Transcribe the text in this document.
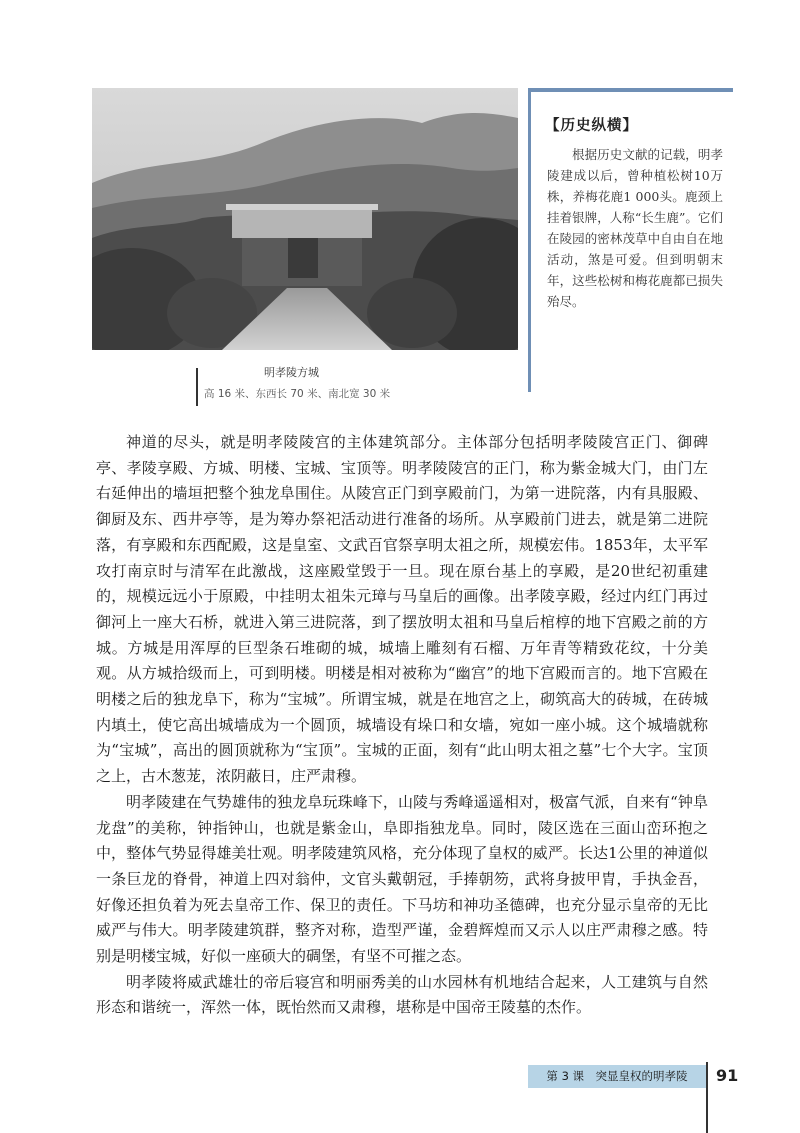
明孝陵方城
高 16 米、东西长 70 米、南北宽 30 米
【历史纵横】

根据历史文献的记载，明孝陵建成以后，曾种植松树10万株，养梅花鹿1 000头。鹿颈上挂着银牌，人称“长生鹿”。它们在陵园的密林茂草中自由自在地活动，煞是可爱。但到明朝末年，这些松树和梅花鹿都已损失殆尽。

神道的尽头，就是明孝陵陵宫的主体建筑部分。主体部分包括明孝陵陵宫正门、御碑亭、孝陵享殿、方城、明楼、宝城、宝顶等。明孝陵陵宫的正门，称为紫金城大门，由门左右延伸出的墙垣把整个独龙阜围住。从陵宫正门到享殿前门，为第一进院落，内有具服殿、御厨及东、西井亭等，是为筹办祭祀活动进行准备的场所。从享殿前门进去，就是第二进院落，有享殿和东西配殿，这是皇室、文武百官祭享明太祖之所，规模宏伟。1853年，太平军攻打南京时与清军在此激战，这座殿堂毁于一旦。现在原台基上的享殿，是20世纪初重建的，规模远远小于原殿，中挂明太祖朱元璋与马皇后的画像。出孝陵享殿，经过内红门再过御河上一座大石桥，就进入第三进院落，到了摆放明太祖和马皇后棺椁的地下宫殿之前的方城。方城是用浑厚的巨型条石堆砌的城，城墙上雕刻有石榴、万年青等精致花纹，十分美观。从方城拾级而上，可到明楼。明楼是相对被称为“幽宫”的地下宫殿而言的。地下宫殿在明楼之后的独龙阜下，称为“宝城”。所谓宝城，就是在地宫之上，砌筑高大的砖城，在砖城内填土，使它高出城墙成为一个圆顶，城墙设有垛口和女墙，宛如一座小城。这个城墙就称为“宝城”，高出的圆顶就称为“宝顶”。宝城的正面，刻有“此山明太祖之墓”七个大字。宝顶之上，古木葱茏，浓阴蔽日，庄严肃穆。

明孝陵建在气势雄伟的独龙阜玩珠峰下，山陵与秀峰遥遥相对，极富气派，自来有“钟阜龙盘”的美称，钟指钟山，也就是紫金山，阜即指独龙阜。同时，陵区选在三面山峦环抱之中，整体气势显得雄美壮观。明孝陵建筑风格，充分体现了皇权的威严。长达1公里的神道似一条巨龙的脊骨，神道上四对翁仲，文官头戴朝冠，手捧朝笏，武将身披甲胄，手执金吾，好像还担负着为死去皇帝工作、保卫的责任。下马坊和神功圣德碑，也充分显示皇帝的无比威严与伟大。明孝陵建筑群，整齐对称，造型严谨，金碧辉煌而又示人以庄严肃穆之感。特别是明楼宝城，好似一座硕大的碉堡，有坚不可摧之态。

明孝陵将威武雄壮的帝后寝宫和明丽秀美的山水园林有机地结合起来，人工建筑与自然形态和谐统一，浑然一体，既怡然而又肃穆，堪称是中国帝王陵墓的杰作。

第 3 课　突显皇权的明孝陵	91
